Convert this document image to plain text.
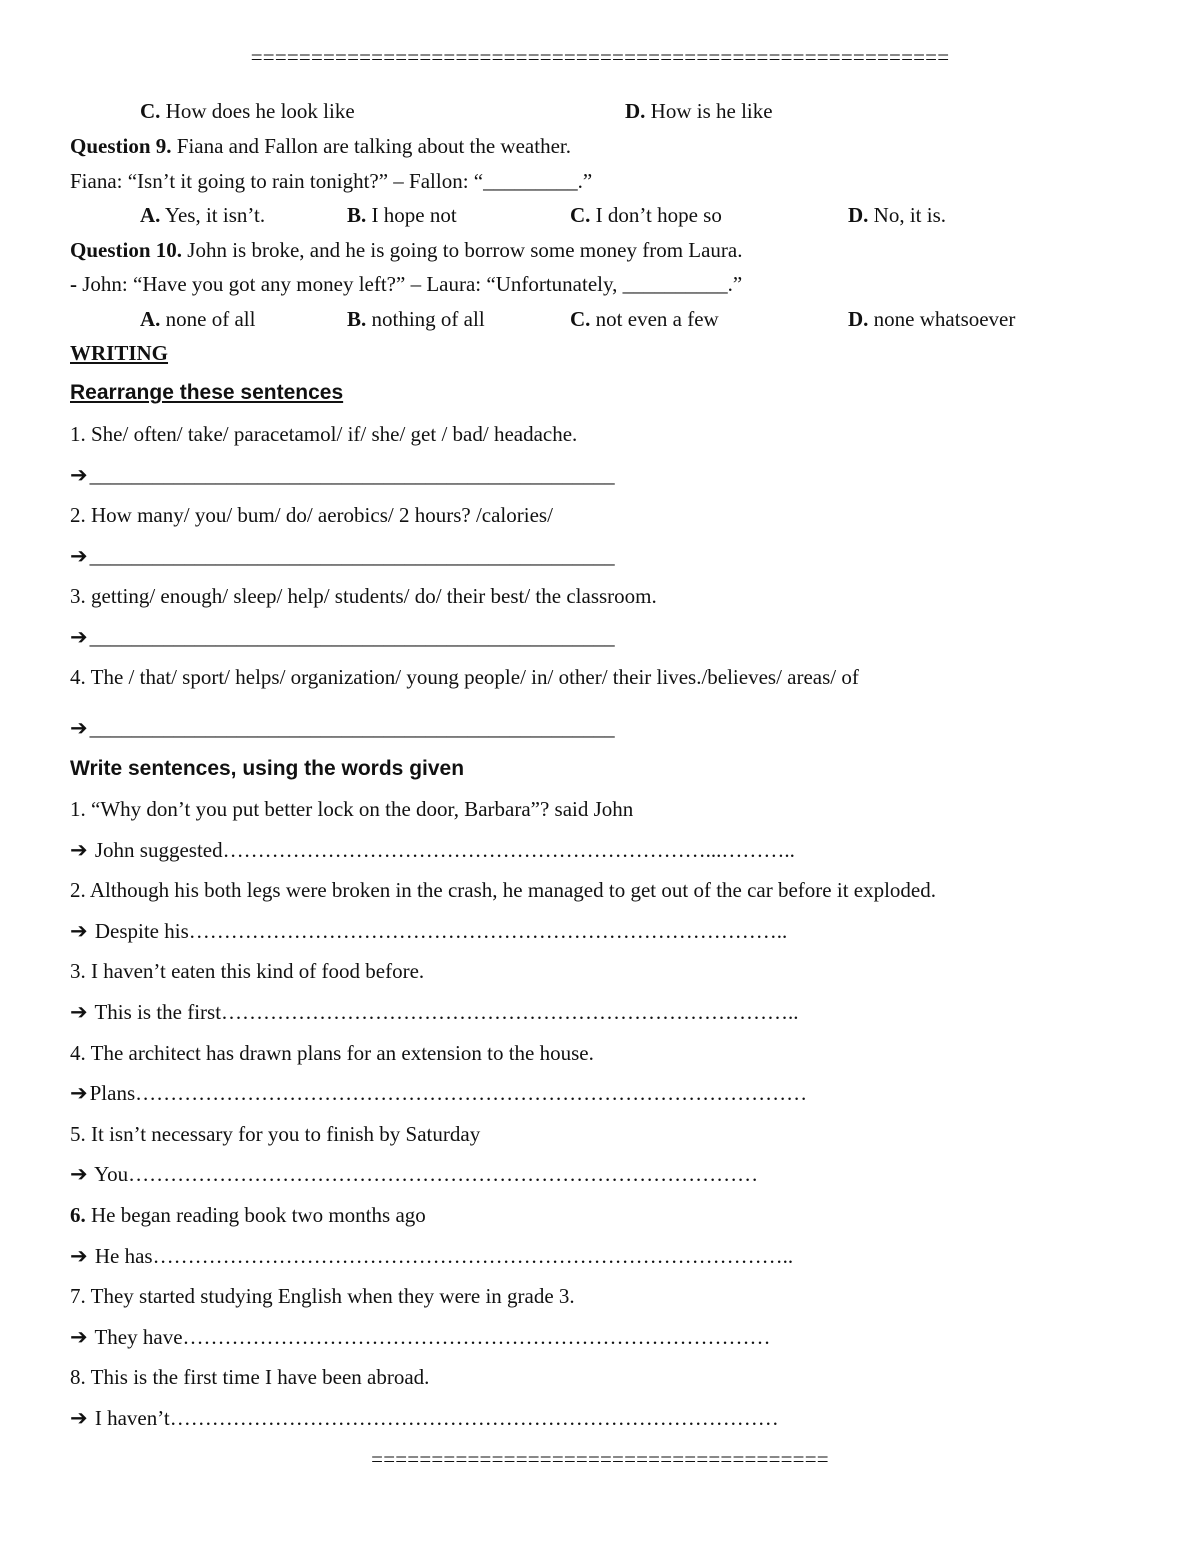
==========================================================
C. How does he look like	D. How is he like
Question 9. Fiana and Fallon are talking about the weather.
Fiana: “Isn’t it going to rain tonight?” – Fallon: “_________.”
A. Yes, it isn’t.	B. I hope not	C. I don’t hope so	D. No, it is.
Question 10. John is broke, and he is going to borrow some money from Laura.
- John: “Have you got any money left?” – Laura: “Unfortunately, __________.”
A. none of all	B. nothing of all	C. not even a few	D. none whatsoever
WRITING
Rearrange these sentences
1. She/ often/ take/ paracetamol/ if/ she/ get / bad/ headache.
➔__________________________________________________
2. How many/ you/ bum/ do/ aerobics/ 2 hours? /calories/
➔__________________________________________________
3. getting/ enough/ sleep/ help/ students/ do/ their best/ the classroom.
➔__________________________________________________
4. The / that/ sport/ helps/ organization/ young people/ in/ other/ their lives./believes/ areas/ of
➔__________________________________________________
Write sentences, using the words given
1. “Why don’t you put better lock on the door, Barbara”? said John
➔ John suggested……………………………………………………………...………..
2. Although his both legs were broken in the crash, he managed to get out of the car before it exploded.
➔ Despite his…………………………………………………………………………..
3. I haven’t eaten this kind of food before.
➔ This is the first………………………………………………………………………..
4. The architect has drawn plans for an extension to the house.
➔Plans……………………………………………………………………………………
5. It isn’t necessary for you to finish by Saturday
➔ You………………………………………………………………………………
6. He began reading book two months ago
➔ He has………………………………………………………………………………..
7. They started studying English when they were in grade 3.
➔ They have…………………………………………………………………………
8. This is the first time I have been abroad.
➔ I haven’t……………………………………………………………………………
======================================
